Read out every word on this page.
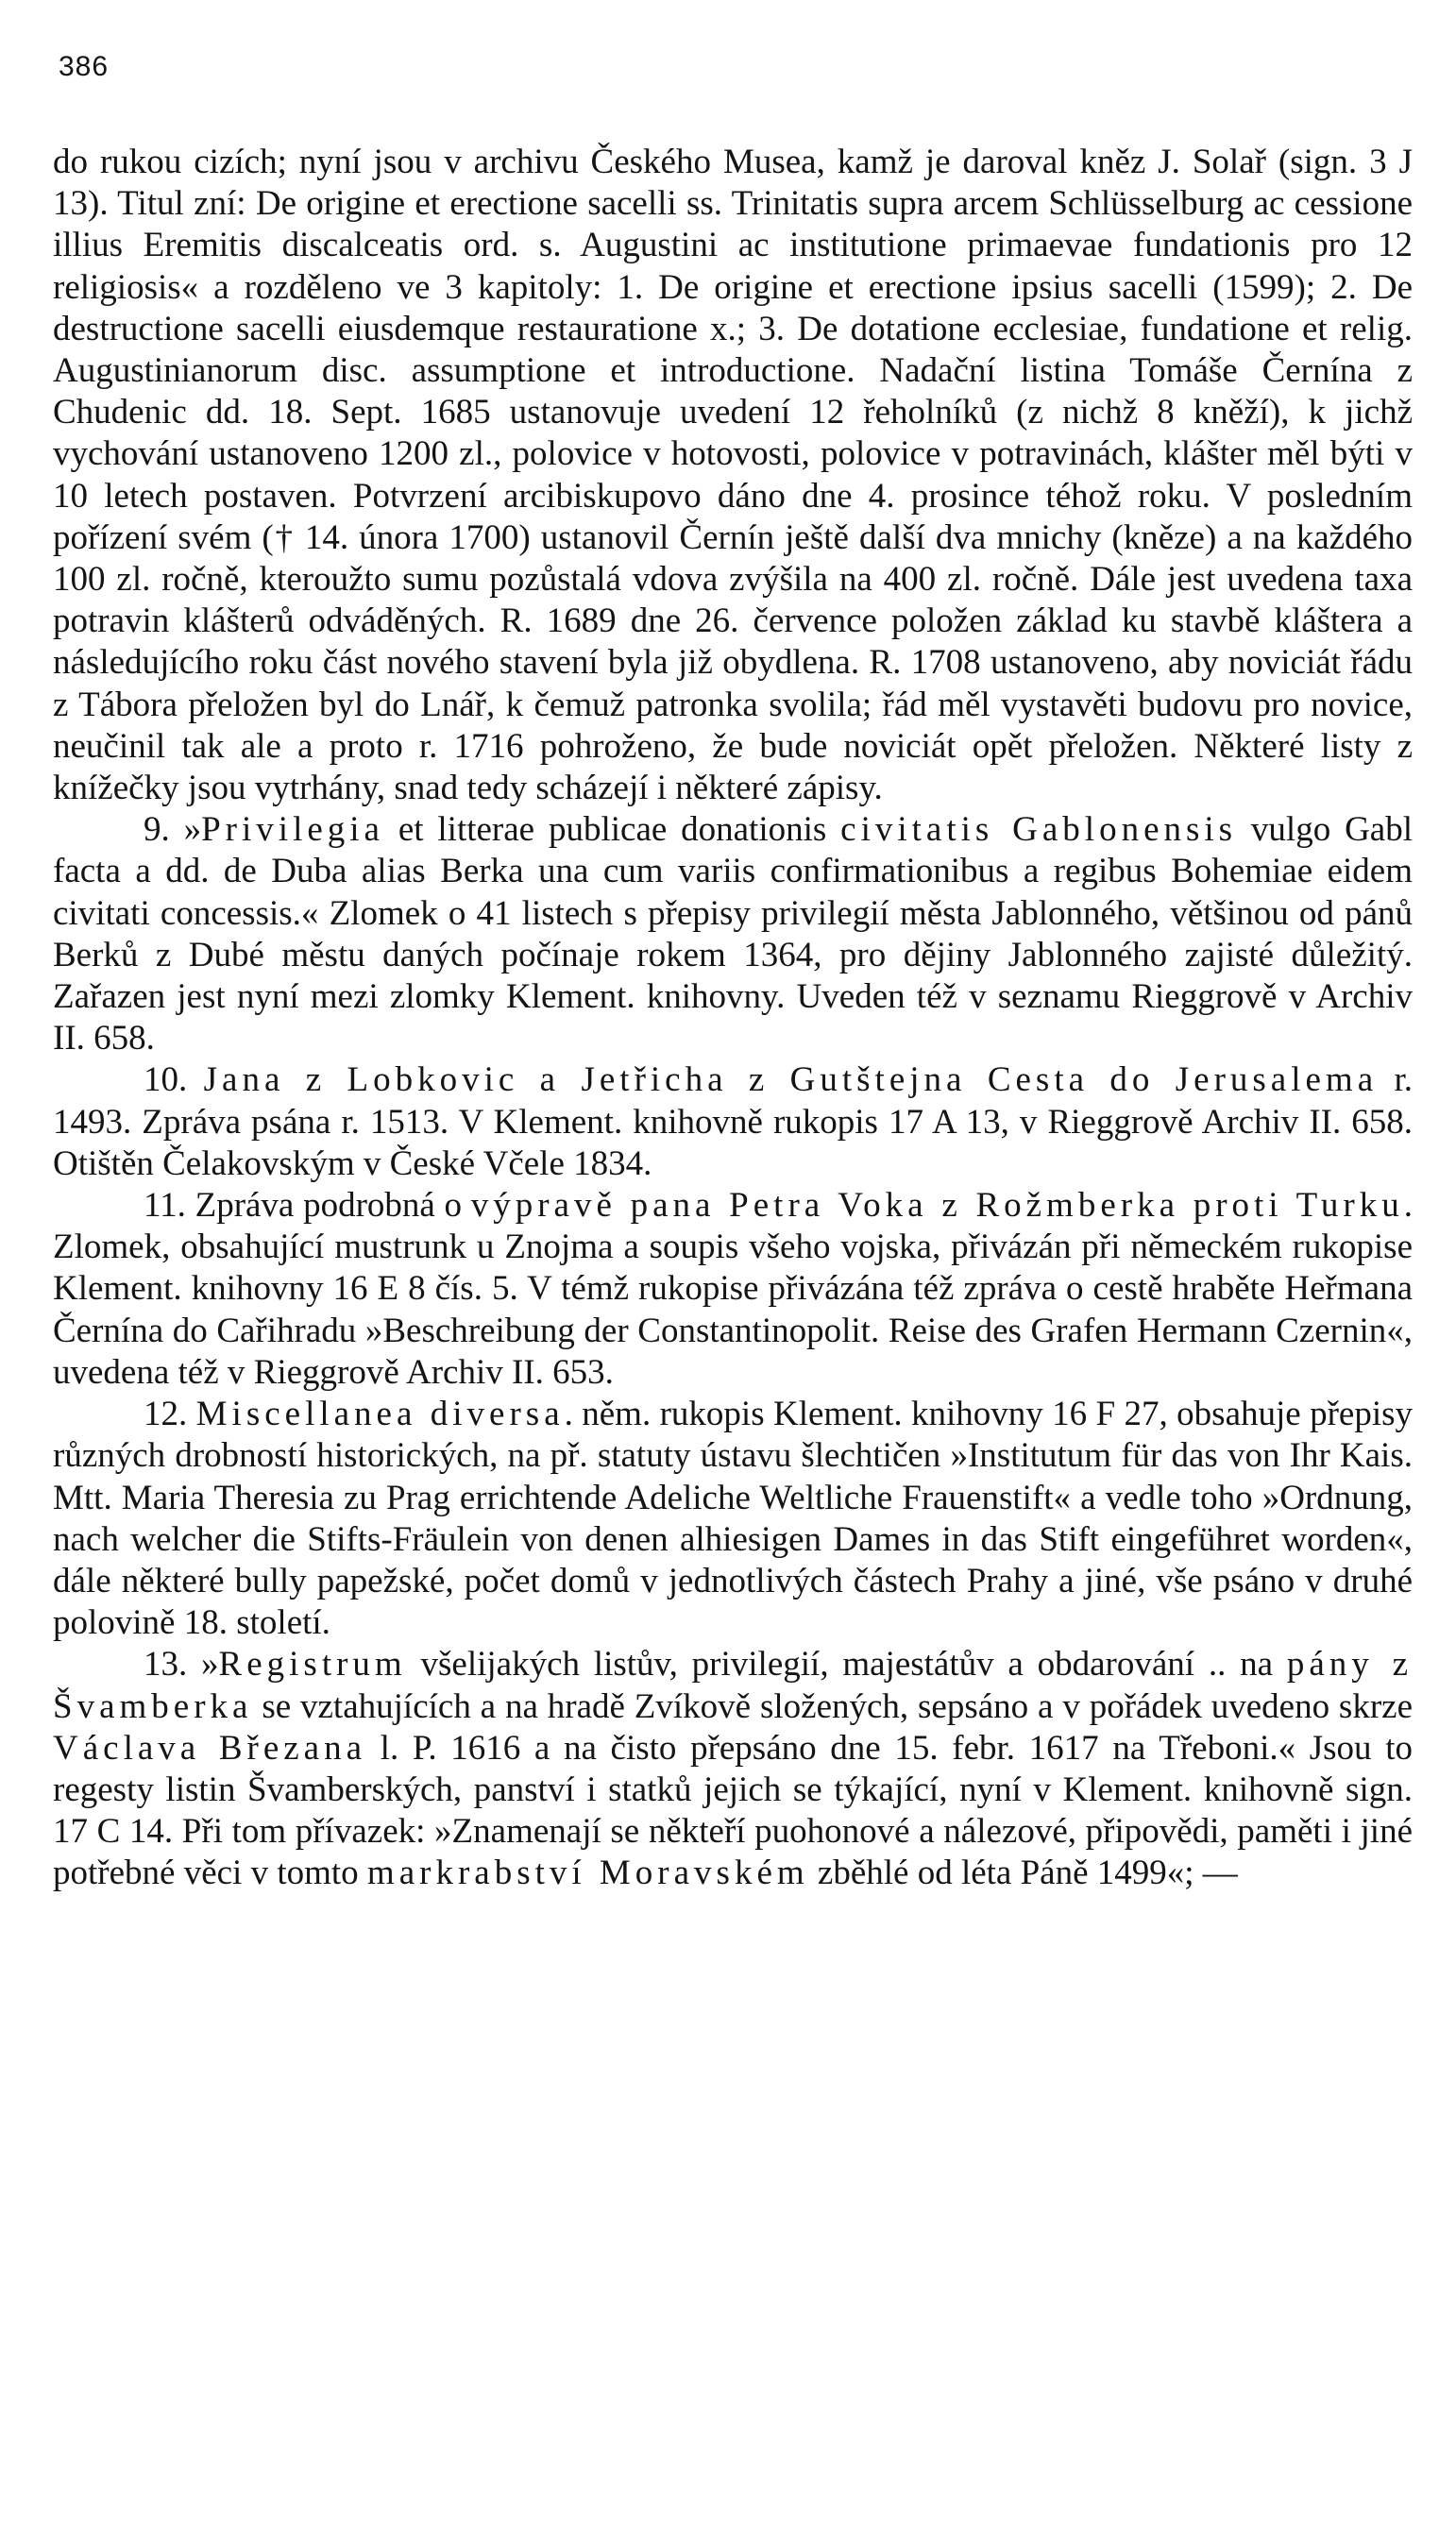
386

do rukou cizích; nyní jsou v archivu Českého Musea, kamž je daroval kněz J. Solař (sign. 3 J 13). Titul zní: De origine et erectione sacelli ss. Trinitatis supra arcem Schlüsselburg ac cessione illius Eremitis discalceatis ord. s. Augustini ac institutione primaevae fundationis pro 12 religiosis« a rozděleno ve 3 kapitoly: 1. De origine et erectione ipsius sacelli (1599); 2. De destructione sacelli eiusdemque restauratione x.; 3. De dotatione ecclesiae, fundatione et relig. Augustinianorum disc. assumptione et introductione. Nadační listina Tomáše Černína z Chudenic dd. 18. Sept. 1685 ustanovuje uvedení 12 řeholníků (z nichž 8 kněží), k jichž vychování ustanoveno 1200 zl., polovice v hotovosti, polovice v potravinách, klášter měl býti v 10 letech postaven. Potvrzení arcibiskupovo dáno dne 4. prosince téhož roku. V posledním pořízení svém († 14. února 1700) ustanovil Černín ještě další dva mnichy (kněze) a na každého 100 zl. ročně, kteroužto sumu pozůstalá vdova zvýšila na 400 zl. ročně. Dále jest uvedena taxa potravin klášterů odváděných. R. 1689 dne 26. července položen základ ku stavbě kláštera a následujícího roku část nového stavení byla již obydlena. R. 1708 ustanoveno, aby noviciát řádu z Tábora přeložen byl do Lnář, k čemuž patronka svolila; řád měl vystavěti budovu pro novice, neučinil tak ale a proto r. 1716 pohroženo, že bude noviciát opět přeložen. Některé listy z knížečky jsou vytrhány, snad tedy scházejí i některé zápisy.

9. »Privilegia et litterae publicae donationis civitatis Gablonensis vulgo Gabl facta a dd. de Duba alias Berka una cum variis confirmationibus a regibus Bohemiae eidem civitati concessis.« Zlomek o 41 listech s přepisy privilegií města Jablonného, většinou od pánů Berků z Dubé městu daných počínaje rokem 1364, pro dějiny Jablonného zajisté důležitý. Zařazen jest nyní mezi zlomky Klement. knihovny. Uveden též v seznamu Rieggrově v Archiv II. 658.

10. Jana z Lobkovic a Jetřicha z Gutštejna Cesta do Jerusalema r. 1493. Zpráva psána r. 1513. V Klement. knihovně rukopis 17 A 13, v Rieggrově Archiv II. 658. Otištěn Čelakovským v České Včele 1834.

11. Zpráva podrobná o výpravě pana Petra Voka z Rožmberka proti Turku. Zlomek, obsahující mustrunk u Znojma a soupis všeho vojska, přivázán při německém rukopise Klement. knihovny 16 E 8 čís. 5. V témž rukopise přivázána též zpráva o cestě hraběte Heřmana Černína do Cařihradu »Beschreibung der Constantinopolit. Reise des Grafen Hermann Czernin«, uvedena též v Rieggrově Archiv II. 653.

12. Miscellanea diversa. něm. rukopis Klement. knihovny 16 F 27, obsahuje přepisy různých drobností historických, na př. statuty ústavu šlechtičen »Institutum für das von Ihr Kais. Mtt. Maria Theresia zu Prag errichtende Adeliche Weltliche Frauenstift« a vedle toho »Ordnung, nach welcher die Stifts-Fräulein von denen alhiesigen Dames in das Stift eingeführet worden«, dále některé bully papežské, počet domů v jednotlivých částech Prahy a jiné, vše psáno v druhé polovině 18. století.

13. »Registrum všelijakých listův, privilegií, majestátův a obdarování .. na pány z Švamberka se vztahujících a na hradě Zvíkově složených, sepsáno a v pořádek uvedeno skrze Václava Březana l. P. 1616 a na čisto přepsáno dne 15. febr. 1617 na Třeboni.« Jsou to regesty listin Švamberských, panství i statků jejich se týkající, nyní v Klement. knihovně sign. 17 C 14. Při tom přívazek: »Znamenají se někteří puohonové a nálezové, připovědi, paměti i jiné potřebné věci v tomto markrabství Moravském zběhlé od léta Páně 1499«; —
